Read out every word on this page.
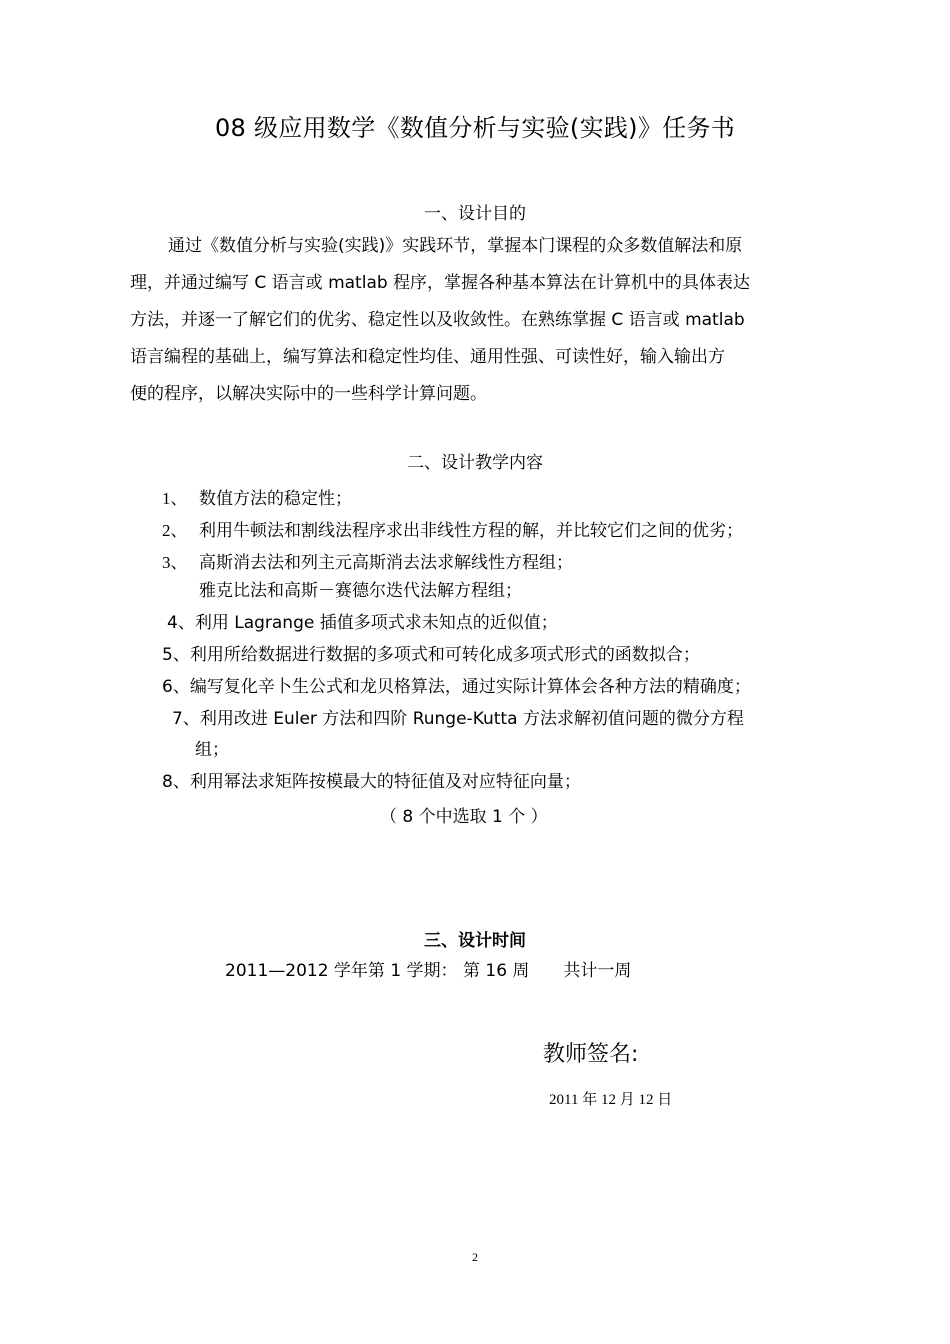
08 级应用数学《数值分析与实验(实践)》任务书
一、设计目的
通过《数值分析与实验(实践)》实践环节，掌握本门课程的众多数值解法和原
理，并通过编写 C 语言或 matlab 程序，掌握各种基本算法在计算机中的具体表达
方法，并逐一了解它们的优劣、稳定性以及收敛性。在熟练掌握 C 语言或 matlab
语言编程的基础上，编写算法和稳定性均佳、通用性强、可读性好，输入输出方
便的程序，以解决实际中的一些科学计算问题。
二、设计教学内容
1、 数值方法的稳定性；
2、 利用牛顿法和割线法程序求出非线性方程的解，并比较它们之间的优劣；
3、 高斯消去法和列主元高斯消去法求解线性方程组；
雅克比法和高斯－赛德尔迭代法解方程组；
4、利用 Lagrange 插值多项式求未知点的近似值；
5、利用所给数据进行数据的多项式和可转化成多项式形式的函数拟合；
6、编写复化辛卜生公式和龙贝格算法，通过实际计算体会各种方法的精确度；
7、利用改进 Euler 方法和四阶 Runge-Kutta 方法求解初值问题的微分方程
组；
8、利用幂法求矩阵按模最大的特征值及对应特征向量；
（ 8 个中选取 1 个 ）
三、设计时间
2011—2012 学年第 1 学期： 第 16 周 共计一周
教师签名:
2011 年 12 月 12 日
2
